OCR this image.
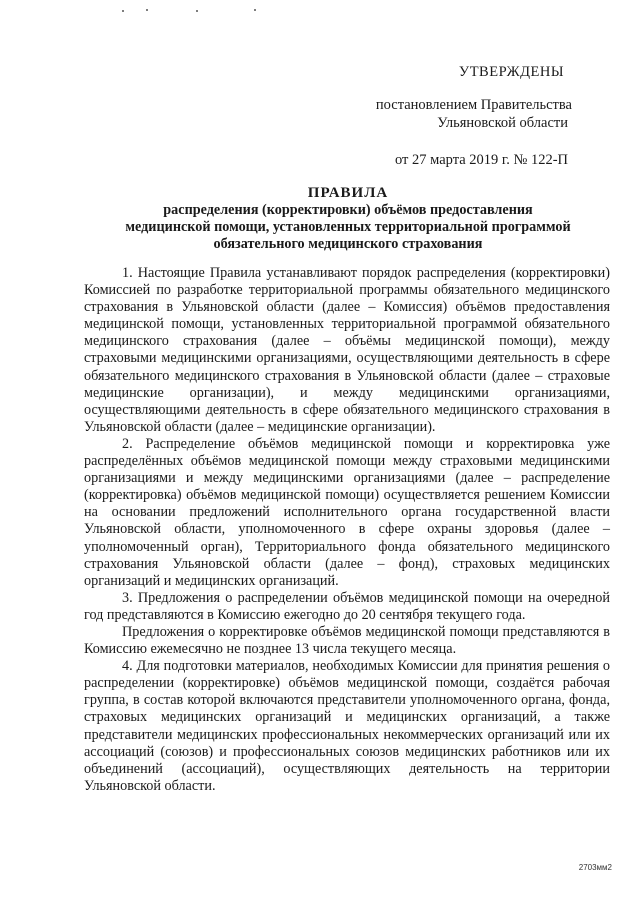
УТВЕРЖДЕНЫ
постановлением Правительства
Ульяновской области
от 27 марта 2019 г. № 122-П
ПРАВИЛА
распределения (корректировки) объёмов предоставления
медицинской помощи, установленных территориальной программой
обязательного медицинского страхования

1. Настоящие Правила устанавливают порядок распределения (корректировки) Комиссией по разработке территориальной программы обязательного медицинского страхования в Ульяновской области (далее – Комиссия) объёмов предоставления медицинской помощи, установленных территориальной программой обязательного медицинского страхования (далее – объёмы медицинской помощи), между страховыми медицинскими организациями, осуществляющими деятельность в сфере обязательного медицинского страхования в Ульяновской области (далее – страховые медицинские организации), и между медицинскими организациями, осуществляющими деятельность в сфере обязательного медицинского страхования в Ульяновской области (далее – медицинские организации).

2. Распределение объёмов медицинской помощи и корректировка уже распределённых объёмов медицинской помощи между страховыми медицинскими организациями и между медицинскими организациями (далее – распределение (корректировка) объёмов медицинской помощи) осуществляется решением Комиссии на основании предложений исполнительного органа государственной власти Ульяновской области, уполномоченного в сфере охраны здоровья (далее – уполномоченный орган), Территориального фонда обязательного медицинского страхования Ульяновской области (далее – фонд), страховых медицинских организаций и медицинских организаций.

3. Предложения о распределении объёмов медицинской помощи на очередной год представляются в Комиссию ежегодно до 20 сентября текущего года.

Предложения о корректировке объёмов медицинской помощи представляются в Комиссию ежемесячно не позднее 13 числа текущего месяца.

4. Для подготовки материалов, необходимых Комиссии для принятия решения о распределении (корректировке) объёмов медицинской помощи, создаётся рабочая группа, в состав которой включаются представители уполномоченного органа, фонда, страховых медицинских организаций и медицинских организаций, а также представители медицинских профессиональных некоммерческих организаций или их ассоциаций (союзов) и профессиональных союзов медицинских работников или их объединений (ассоциаций), осуществляющих деятельность на территории Ульяновской области.

2703мм2
